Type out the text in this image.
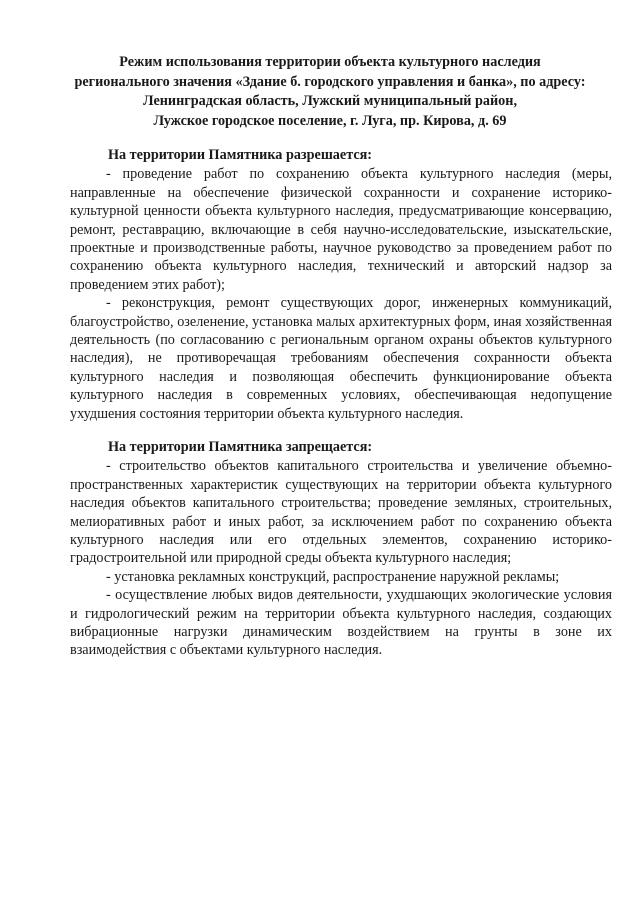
Режим использования территории объекта культурного наследия
регионального значения «Здание б. городского управления и банка», по адресу:
Ленинградская область, Лужский муниципальный район,
Лужское городское поселение, г. Луга, пр. Кирова, д. 69
На территории Памятника разрешается:

- проведение работ по сохранению объекта культурного наследия (меры, направленные на обеспечение физической сохранности и сохранение историко-культурной ценности объекта культурного наследия, предусматривающие консервацию, ремонт, реставрацию, включающие в себя научно-исследовательские, изыскательские, проектные и производственные работы, научное руководство за проведением работ по сохранению объекта культурного наследия, технический и авторский надзор за проведением этих работ);

- реконструкция, ремонт существующих дорог, инженерных коммуникаций, благоустройство, озеленение, установка малых архитектурных форм, иная хозяйственная деятельность (по согласованию с региональным органом охраны объектов культурного наследия), не противоречащая требованиям обеспечения сохранности объекта культурного наследия и позволяющая обеспечить функционирование объекта культурного наследия в современных условиях, обеспечивающая недопущение ухудшения состояния территории объекта культурного наследия.

На территории Памятника запрещается:

- строительство объектов капитального строительства и увеличение объемно-пространственных характеристик существующих на территории объекта культурного наследия объектов капитального строительства; проведение земляных, строительных, мелиоративных работ и иных работ, за исключением работ по сохранению объекта культурного наследия или его отдельных элементов, сохранению историко-градостроительной или природной среды объекта культурного наследия;

- установка рекламных конструкций, распространение наружной рекламы;

- осуществление любых видов деятельности, ухудшающих экологические условия и гидрологический режим на территории объекта культурного наследия, создающих вибрационные нагрузки динамическим воздействием на грунты в зоне их взаимодействия с объектами культурного наследия.
